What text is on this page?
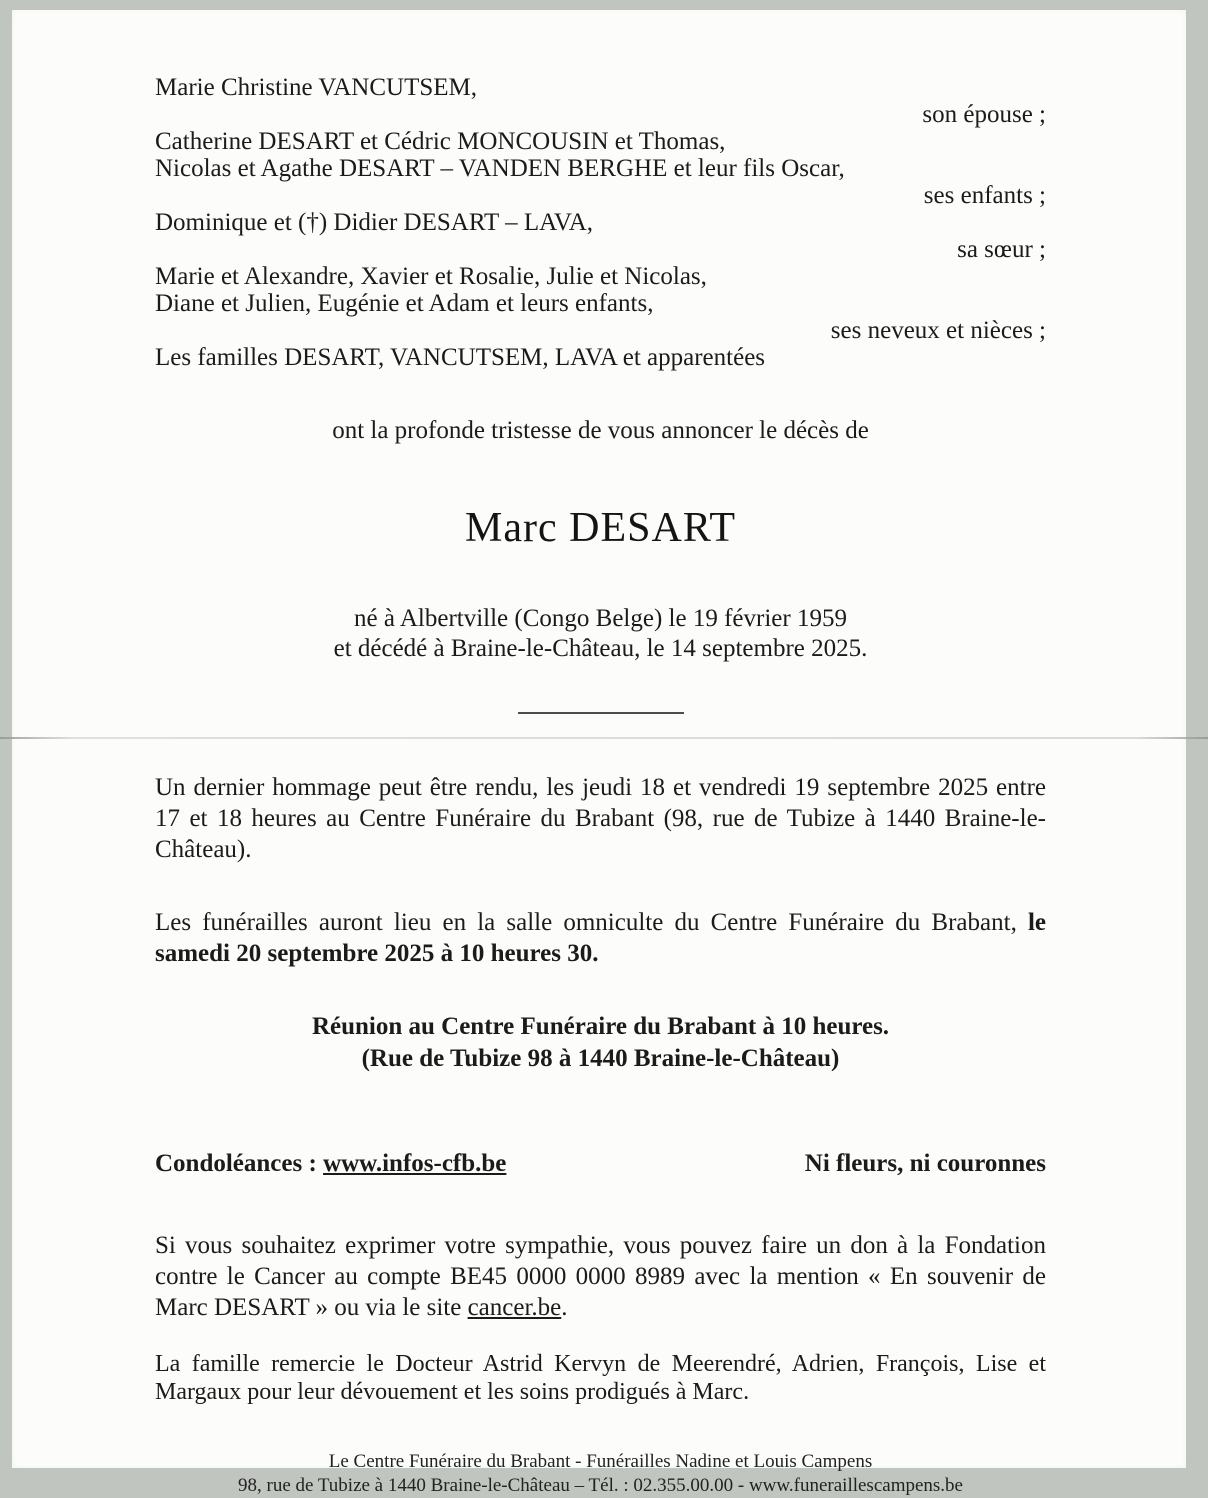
Marie Christine VANCUTSEM,
son épouse ;
Catherine DESART et Cédric MONCOUSIN et Thomas,
Nicolas et Agathe DESART – VANDEN BERGHE et leur fils Oscar,
ses enfants ;
Dominique et (†) Didier DESART – LAVA,
sa sœur ;
Marie et Alexandre, Xavier et Rosalie, Julie et Nicolas,
Diane et Julien, Eugénie et Adam et leurs enfants,
ses neveux et nièces ;
Les familles DESART, VANCUTSEM, LAVA et apparentées
ont la profonde tristesse de vous annoncer le décès de
Marc DESART
né à Albertville (Congo Belge) le 19 février 1959
et décédé à Braine-le-Château, le 14 septembre 2025.

Un dernier hommage peut être rendu, les jeudi 18 et vendredi 19 septembre 2025 entre 17 et 18 heures au Centre Funéraire du Brabant (98, rue de Tubize à 1440 Braine-le-Château).

Les funérailles auront lieu en la salle omniculte du Centre Funéraire du Brabant, le samedi 20 septembre 2025 à 10 heures 30.

Réunion au Centre Funéraire du Brabant à 10 heures.
(Rue de Tubize 98 à 1440 Braine-le-Château)
Condoléances : www.infos-cfb.be	Ni fleurs, ni couronnes

Si vous souhaitez exprimer votre sympathie, vous pouvez faire un don à la Fondation contre le Cancer au compte BE45 0000 0000 8989 avec la mention « En souvenir de Marc DESART » ou via le site cancer.be.

La famille remercie le Docteur Astrid Kervyn de Meerendré, Adrien, François, Lise et Margaux pour leur dévouement et les soins prodigués à Marc.

Le Centre Funéraire du Brabant - Funérailles Nadine et Louis Campens
98, rue de Tubize à 1440 Braine-le-Château – Tél. : 02.355.00.00 - www.funeraillescampens.be
